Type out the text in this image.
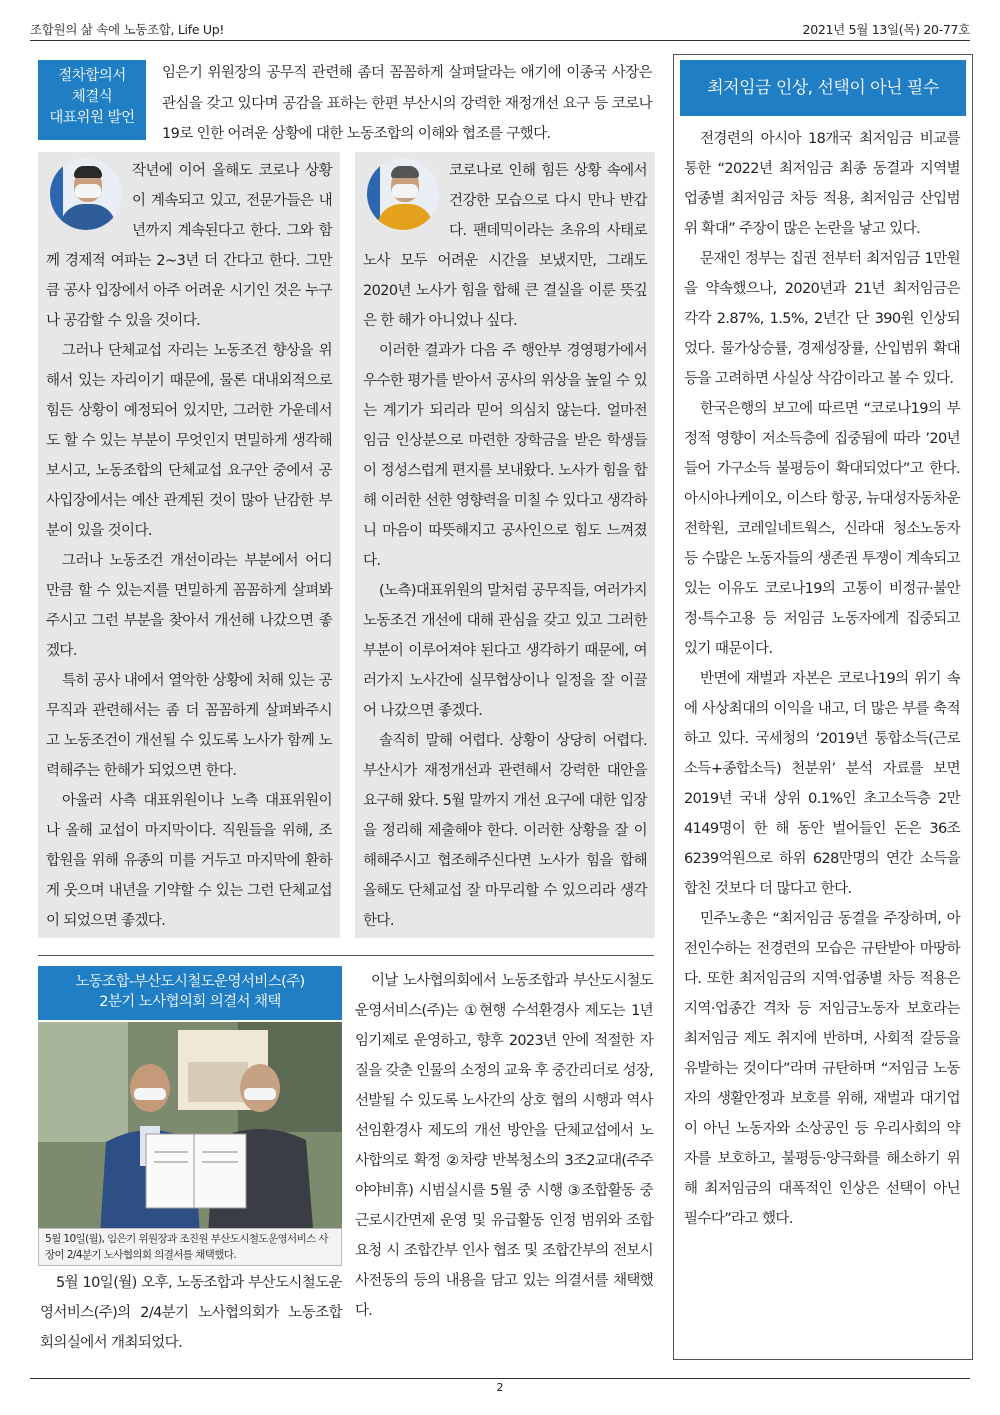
조합원의 삶 속에 노동조합, Life Up!	2021년 5월 13일(목) 20-77호
절차합의서
체결식
대표위원 발언
임은기 위원장의 공무직 관련해 좀더 꼼꼼하게 살펴달라는 애기에 이종국 사장은 관심을 갖고 있다며 공감을 표하는 한편 부산시의 강력한 재정개선 요구 등 코로나19로 인한 어려운 상황에 대한 노동조합의 이해와 협조를 구했다.

작년에 이어 올해도 코로나 상황이 계속되고 있고, 전문가들은 내년까지 계속된다고 한다. 그와 함께 경제적 여파는 2~3년 더 간다고 한다. 그만큼 공사 입장에서 아주 어려운 시기인 것은 누구나 공감할 수 있을 것이다.

그러나 단체교섭 자리는 노동조건 향상을 위해서 있는 자리이기 때문에, 물론 대내외적으로 힘든 상황이 예정되어 있지만, 그러한 가운데서도 할 수 있는 부분이 무엇인지 면밀하게 생각해보시고, 노동조합의 단체교섭 요구안 중에서 공사입장에서는 예산 관계된 것이 많아 난감한 부분이 있을 것이다.

그러나 노동조건 개선이라는 부분에서 어디만큼 할 수 있는지를 면밀하게 꼼꼼하게 살펴봐주시고 그런 부분을 찾아서 개선해 나갔으면 좋겠다.

특히 공사 내에서 열악한 상황에 처해 있는 공무직과 관련해서는 좀 더 꼼꼼하게 살펴봐주시고 노동조건이 개선될 수 있도록 노사가 함께 노력해주는 한해가 되었으면 한다.

아울러 사측 대표위원이나 노측 대표위원이나 올해 교섭이 마지막이다. 직원들을 위해, 조합원을 위해 유종의 미를 거두고 마지막에 환하게 웃으며 내년을 기약할 수 있는 그런 단체교섭이 되었으면 좋겠다.

코로나로 인해 힘든 상황 속에서 건강한 모습으로 다시 만나 반갑다. 팬데믹이라는 초유의 사태로 노사 모두 어려운 시간을 보냈지만, 그래도 2020년 노사가 힘을 합해 큰 결실을 이룬 뜻깊은 한 해가 아니었나 싶다.

이러한 결과가 다음 주 행안부 경영평가에서 우수한 평가를 받아서 공사의 위상을 높일 수 있는 계기가 되리라 믿어 의심치 않는다. 얼마전 임금 인상분으로 마련한 장학금을 받은 학생들이 정성스럽게 편지를 보내왔다. 노사가 힘을 합해 이러한 선한 영향력을 미칠 수 있다고 생각하니 마음이 따뜻해지고 공사인으로 힘도 느껴졌다.

(노측)대표위원의 말처럼 공무직들, 여러가지 노동조건 개선에 대해 관심을 갖고 있고 그러한 부분이 이루어져야 된다고 생각하기 때문에, 여러가지 노사간에 실무협상이나 일정을 잘 이끌어 나갔으면 좋겠다.

솔직히 말해 어렵다. 상황이 상당히 어렵다. 부산시가 재정개선과 관련해서 강력한 대안을 요구해 왔다. 5월 말까지 개선 요구에 대한 입장을 정리해 제출해야 한다. 이러한 상황을 잘 이해해주시고 협조해주신다면 노사가 힘을 합해 올해도 단체교섭 잘 마무리할 수 있으리라 생각한다.

노동조합-부산도시철도운영서비스(주)
2분기 노사협의회 의결서 채택
5월 10일(월), 임은기 위원장과 조진원 부산도시철도운영서비스 사장이 2/4분기 노사협의회 의결서를 채택했다.

5월 10일(월) 오후, 노동조합과 부산도시철도운영서비스(주)의 2/4분기 노사협의회가 노동조합 회의실에서 개최되었다.

이날 노사협의회에서 노동조합과 부산도시철도운영서비스(주)는 ①현행 수석환경사 제도는 1년 임기제로 운영하고, 향후 2023년 안에 적절한 자질을 갖춘 인물의 소정의 교육 후 중간리더로 성장, 선발될 수 있도록 노사간의 상호 협의 시행과 역사 선임환경사 제도의 개선 방안을 단체교섭에서 노사합의로 확정 ②차량 반복청소의 3조2교대(주주야야비휴) 시범실시를 5월 중 시행 ③조합활동 중 근로시간면제 운영 및 유급활동 인정 범위와 조합 요청 시 조합간부 인사 협조 및 조합간부의 전보시 사전동의 등의 내용을 담고 있는 의결서를 채택했다.

최저임금 인상, 선택이 아닌 필수

전경련의 아시아 18개국 최저임금 비교를 통한 “2022년 최저임금 최종 동결과 지역별 업종별 최저임금 차등 적용, 최저임금 산입범위 확대” 주장이 많은 논란을 낳고 있다.

문재인 정부는 집권 전부터 최저임금 1만원을 약속했으나, 2020년과 21년 최저임금은 각각 2.87%, 1.5%, 2년간 단 390원 인상되었다. 물가상승률, 경제성장률, 산입범위 확대 등을 고려하면 사실상 삭감이라고 볼 수 있다.

한국은행의 보고에 따르면 “코로나19의 부정적 영향이 저소득층에 집중됨에 따라 ’20년 들어 가구소득 불평등이 확대되었다”고 한다. 아시아나케이오, 이스타 항공, 뉴대성자동차운전학원, 코레일네트웍스, 신라대 청소노동자 등 수많은 노동자들의 생존권 투쟁이 계속되고 있는 이유도 코로나19의 고통이 비정규·불안정·특수고용 등 저임금 노동자에게 집중되고 있기 때문이다.

반면에 재벌과 자본은 코로나19의 위기 속에 사상최대의 이익을 내고, 더 많은 부를 축적하고 있다. 국세청의 ‘2019년 통합소득(근로소득+종합소득) 천분위’ 분석 자료를 보면 2019년 국내 상위 0.1%인 초고소득층 2만4149명이 한 해 동안 벌어들인 돈은 36조6239억원으로 하위 628만명의 연간 소득을 합친 것보다 더 많다고 한다.

민주노총은 “최저임금 동결을 주장하며, 아전인수하는 전경련의 모습은 규탄받아 마땅하다. 또한 최저임금의 지역·업종별 차등 적용은 지역·업종간 격차 등 저임금노동자 보호라는 최저임금 제도 취지에 반하며, 사회적 갈등을 유발하는 것이다”라며 규탄하며 “저임금 노동자의 생활안정과 보호를 위해, 재벌과 대기업이 아닌 노동자와 소상공인 등 우리사회의 약자를 보호하고, 불평등·양극화를 해소하기 위해 최저임금의 대폭적인 인상은 선택이 아닌 필수다”라고 했다.

2
